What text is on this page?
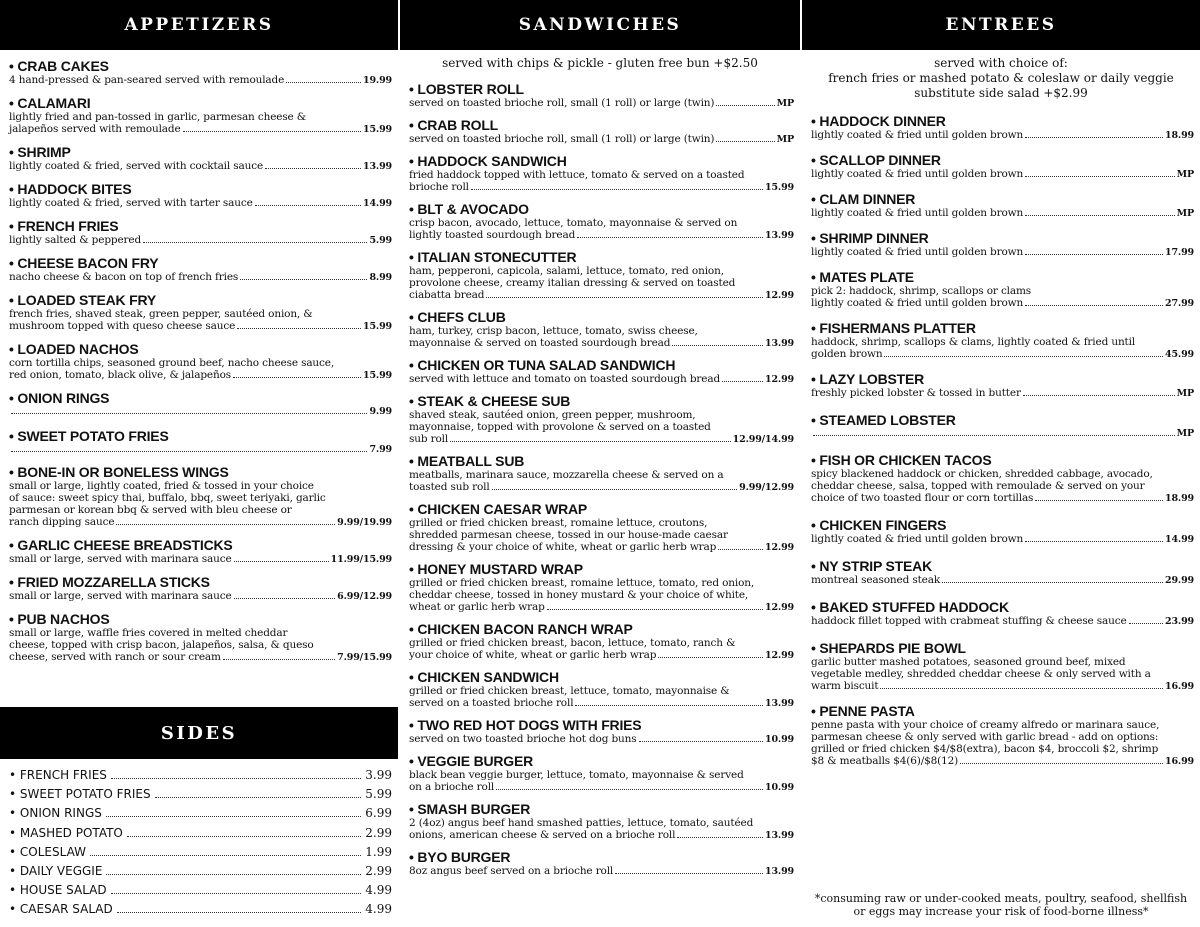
APPETIZERS
• CRAB CAKES
4 hand-pressed & pan-seared served with remoulade	19.99
• CALAMARI
lightly fried and pan-tossed in garlic, parmesan cheese &
jalapeños served with remoulade	15.99
• SHRIMP
lightly coated & fried, served with cocktail sauce	13.99
• HADDOCK BITES
lightly coated & fried, served with tarter sauce	14.99
• FRENCH FRIES
lightly salted & peppered	5.99
• CHEESE BACON FRY
nacho cheese & bacon on top of french fries	8.99
• LOADED STEAK FRY
french fries, shaved steak, green pepper, sautéed onion, &
mushroom topped with queso cheese sauce	15.99
• LOADED NACHOS
corn tortilla chips, seasoned ground beef, nacho cheese sauce,
red onion, tomato, black olive, & jalapeños	15.99
• ONION RINGS
9.99
• SWEET POTATO FRIES
7.99
• BONE-IN OR BONELESS WINGS
small or large, lightly coated, fried & tossed in your choice
of sauce: sweet spicy thai, buffalo, bbq, sweet teriyaki, garlic
parmesan or korean bbq & served with bleu cheese or
ranch dipping sauce	9.99/19.99
• GARLIC CHEESE BREADSTICKS
small or large, served with marinara sauce	11.99/15.99
• FRIED MOZZARELLA STICKS
small or large, served with marinara sauce	6.99/12.99
• PUB NACHOS
small or large, waffle fries covered in melted cheddar
cheese, topped with crisp bacon, jalapeños, salsa, & queso
cheese, served with ranch or sour cream	7.99/15.99
SIDES
• FRENCH FRIES	3.99
• SWEET POTATO FRIES	5.99
• ONION RINGS	6.99
• MASHED POTATO	2.99
• COLESLAW	1.99
• DAILY VEGGIE	2.99
• HOUSE SALAD	4.99
• CAESAR SALAD	4.99
SANDWICHES
served with chips & pickle - gluten free bun +$2.50
• LOBSTER ROLL
served on toasted brioche roll, small (1 roll) or large (twin)	MP
• CRAB ROLL
served on toasted brioche roll, small (1 roll) or large (twin)	MP
• HADDOCK SANDWICH
fried haddock topped with lettuce, tomato & served on a toasted
brioche roll	15.99
• BLT & AVOCADO
crisp bacon, avocado, lettuce, tomato, mayonnaise & served on
lightly toasted sourdough bread	13.99
• ITALIAN STONECUTTER
ham, pepperoni, capicola, salami, lettuce, tomato, red onion,
provolone cheese, creamy italian dressing & served on toasted
ciabatta bread	12.99
• CHEFS CLUB
ham, turkey, crisp bacon, lettuce, tomato, swiss cheese,
mayonnaise & served on toasted sourdough bread	13.99
• CHICKEN OR TUNA SALAD SANDWICH
served with lettuce and tomato on toasted sourdough bread	12.99
• STEAK & CHEESE SUB
shaved steak, sautéed onion, green pepper, mushroom,
mayonnaise, topped with provolone & served on a toasted
sub roll	12.99/14.99
• MEATBALL SUB
meatballs, marinara sauce, mozzarella cheese & served on a
toasted sub roll	9.99/12.99
• CHICKEN CAESAR WRAP
grilled or fried chicken breast, romaine lettuce, croutons,
shredded parmesan cheese, tossed in our house-made caesar
dressing & your choice of white, wheat or garlic herb wrap	12.99
• HONEY MUSTARD WRAP
grilled or fried chicken breast, romaine lettuce, tomato, red onion,
cheddar cheese, tossed in honey mustard & your choice of white,
wheat or garlic herb wrap	12.99
• CHICKEN BACON RANCH WRAP
grilled or fried chicken breast, bacon, lettuce, tomato, ranch &
your choice of white, wheat or garlic herb wrap	12.99
• CHICKEN SANDWICH
grilled or fried chicken breast, lettuce, tomato, mayonnaise &
served on a toasted brioche roll	13.99
• TWO RED HOT DOGS WITH FRIES
served on two toasted brioche hot dog buns	10.99
• VEGGIE BURGER
black bean veggie burger, lettuce, tomato, mayonnaise & served
on a brioche roll	10.99
• SMASH BURGER
2 (4oz) angus beef hand smashed patties, lettuce, tomato, sautéed
onions, american cheese & served on a brioche roll	13.99
• BYO BURGER
8oz angus beef served on a brioche roll	13.99
ENTREES
served with choice of:
french fries or mashed potato & coleslaw or daily veggie
substitute side salad +$2.99
• HADDOCK DINNER
lightly coated & fried until golden brown	18.99
• SCALLOP DINNER
lightly coated & fried until golden brown	MP
• CLAM DINNER
lightly coated & fried until golden brown	MP
• SHRIMP DINNER
lightly coated & fried until golden brown	17.99
• MATES PLATE
pick 2: haddock, shrimp, scallops or clams
lightly coated & fried until golden brown	27.99
• FISHERMANS PLATTER
haddock, shrimp, scallops & clams, lightly coated & fried until
golden brown	45.99
• LAZY LOBSTER
freshly picked lobster & tossed in butter	MP
• STEAMED LOBSTER
MP
• FISH OR CHICKEN TACOS
spicy blackened haddock or chicken, shredded cabbage, avocado,
cheddar cheese, salsa, topped with remoulade & served on your
choice of two toasted flour or corn tortillas	18.99
• CHICKEN FINGERS
lightly coated & fried until golden brown	14.99
• NY STRIP STEAK
montreal seasoned steak	29.99
• BAKED STUFFED HADDOCK
haddock fillet topped with crabmeat stuffing & cheese sauce	23.99
• SHEPARDS PIE BOWL
garlic butter mashed potatoes, seasoned ground beef, mixed
vegetable medley, shredded cheddar cheese & only served with a
warm biscuit	16.99
• PENNE PASTA
penne pasta with your choice of creamy alfredo or marinara sauce,
parmesan cheese & only served with garlic bread - add on options:
grilled or fried chicken $4/$8(extra), bacon $4, broccoli $2, shrimp
$8 & meatballs $4(6)/$8(12)	16.99
*consuming raw or under-cooked meats, poultry, seafood, shellfish
or eggs may increase your risk of food-borne illness*
